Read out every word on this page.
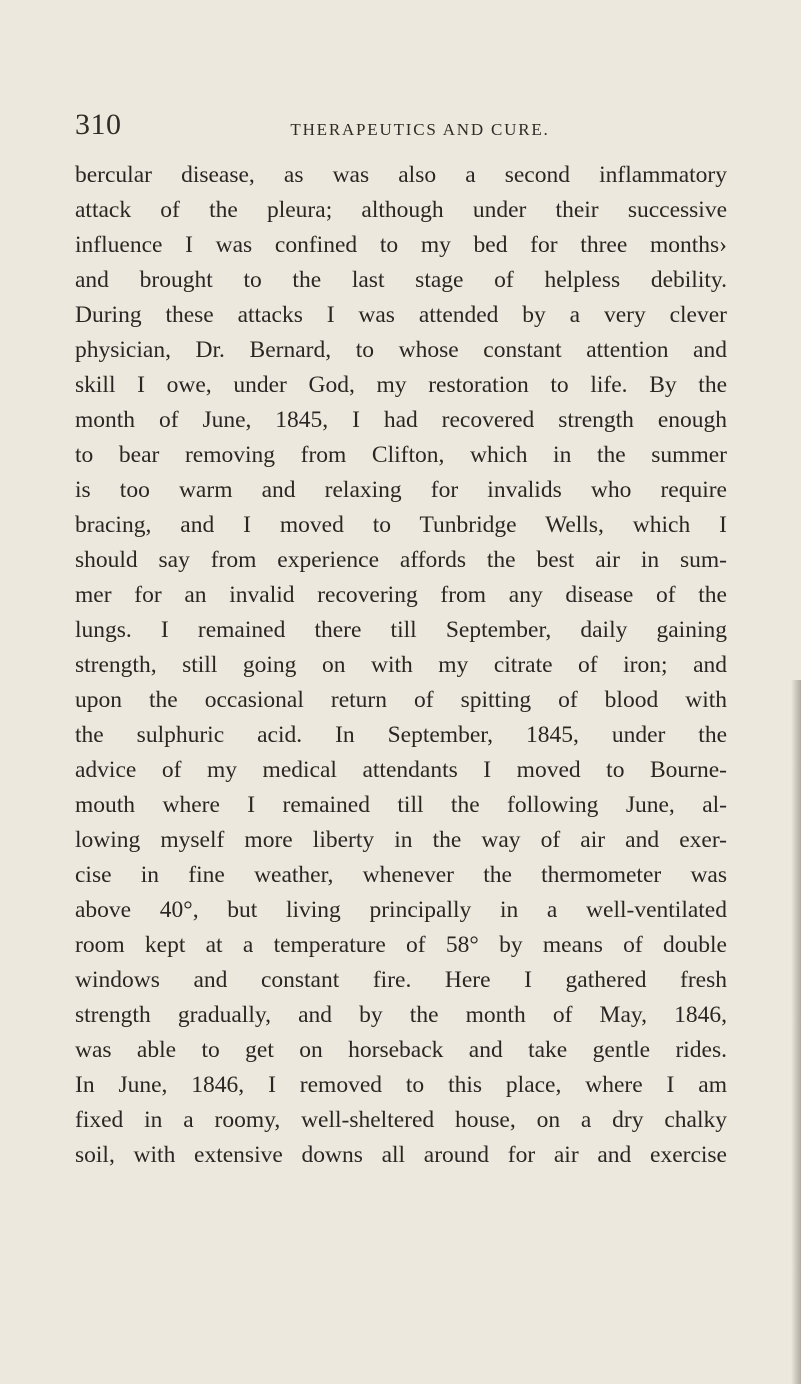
310	THERAPEUTICS AND CURE.
bercular disease, as was also a second inflammatory
attack of the pleura; although under their successive
influence I was confined to my bed for three months›
and brought to the last stage of helpless debility.
During these attacks I was attended by a very clever
physician, Dr. Bernard, to whose constant attention and
skill I owe, under God, my restoration to life. By the
month of June, 1845, I had recovered strength enough
to bear removing from Clifton, which in the summer
is too warm and relaxing for invalids who require
bracing, and I moved to Tunbridge Wells, which I
should say from experience affords the best air in sum-
mer for an invalid recovering from any disease of the
lungs. I remained there till September, daily gaining
strength, still going on with my citrate of iron; and
upon the occasional return of spitting of blood with
the sulphuric acid. In September, 1845, under the
advice of my medical attendants I moved to Bourne-
mouth where I remained till the following June, al-
lowing myself more liberty in the way of air and exer-
cise in fine weather, whenever the thermometer was
above 40°, but living principally in a well-ventilated
room kept at a temperature of 58° by means of double
windows and constant fire. Here I gathered fresh
strength gradually, and by the month of May, 1846,
was able to get on horseback and take gentle rides.
In June, 1846, I removed to this place, where I am
fixed in a roomy, well-sheltered house, on a dry chalky
soil, with extensive downs all around for air and exercise
